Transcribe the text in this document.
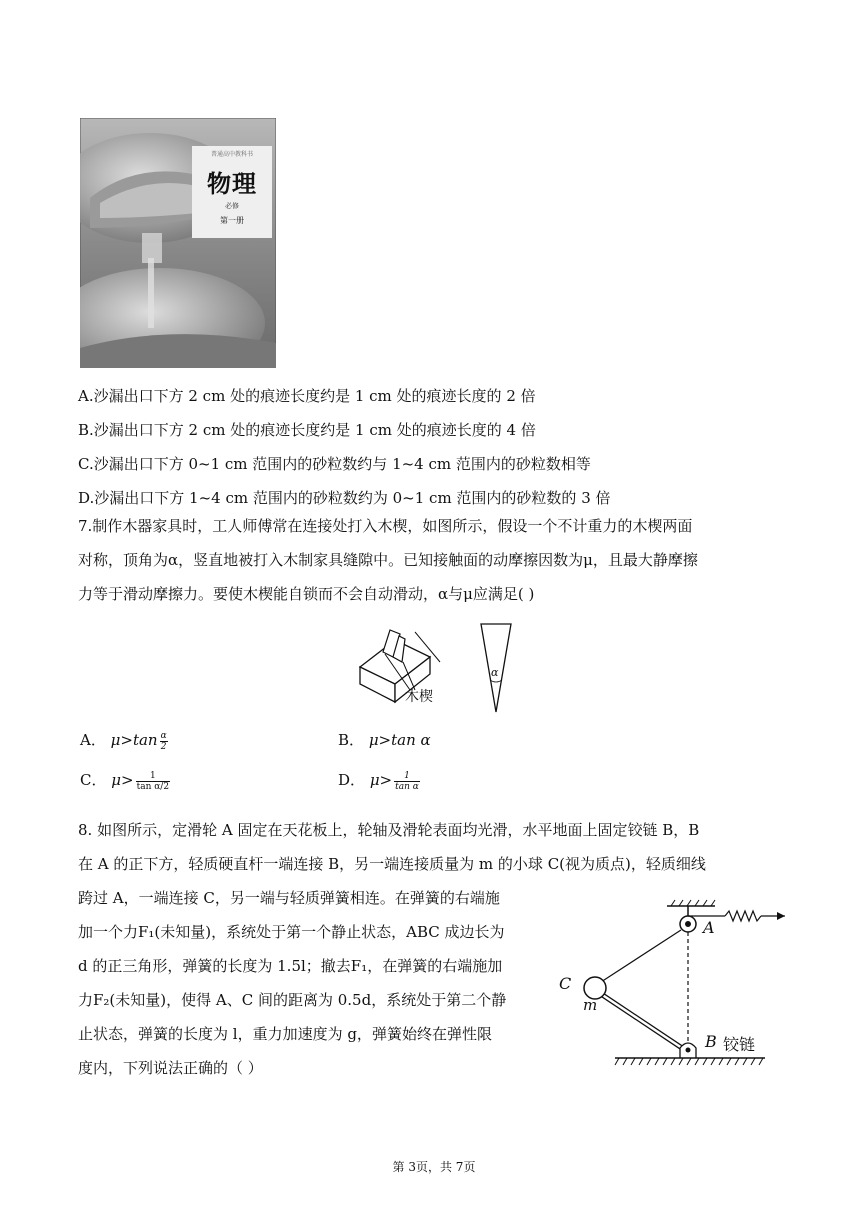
普通高中教科书
物理
必修
第一册
A.沙漏出口下方 2 cm 处的痕迹长度约是 1 cm 处的痕迹长度的 2 倍
B.沙漏出口下方 2 cm 处的痕迹长度约是 1 cm 处的痕迹长度的 4 倍
C.沙漏出口下方 0~1 cm 范围内的砂粒数约与 1~4 cm 范围内的砂粒数相等
D.沙漏出口下方 1~4 cm 范围内的砂粒数约为 0~1 cm 范围内的砂粒数的 3 倍
7.制作木器家具时，工人师傅常在连接处打入木楔，如图所示，假设一个不计重力的木楔两面
对称，顶角为α，竖直地被打入木制家具缝隙中。已知接触面的动摩擦因数为μ，且最大静摩擦
力等于滑动摩擦力。要使木楔能自锁而不会自动滑动，α与μ应满足( )
木楔
α
A． $\mu>\tan \frac{\alpha}{2}$	B． μ>tan α
C． $\mu> \frac{1}{\text{tan α/2}}$	D． $\mu> \frac{1}{\text{tan α}}$
8. 如图所示，定滑轮 A 固定在天花板上，轮轴及滑轮表面均光滑，水平地面上固定铰链 B，B
在 A 的正下方，轻质硬直杆一端连接 B，另一端连接质量为 m 的小球 C(视为质点)，轻质细线
跨过 A，一端连接 C，另一端与轻质弹簧相连。在弹簧的右端施
加一个力F₁(未知量)，系统处于第一个静止状态，ABC 成边长为
d 的正三角形，弹簧的长度为 1.5l；撤去F₁，在弹簧的右端施加
力F₂(未知量)，使得 A、C 间的距离为 0.5d，系统处于第二个静
止状态，弹簧的长度为 l，重力加速度为 g，弹簧始终在弹性限
度内，下列说法正确的（ ）
A
C
m
B 铰链
第 3页，共 7页
